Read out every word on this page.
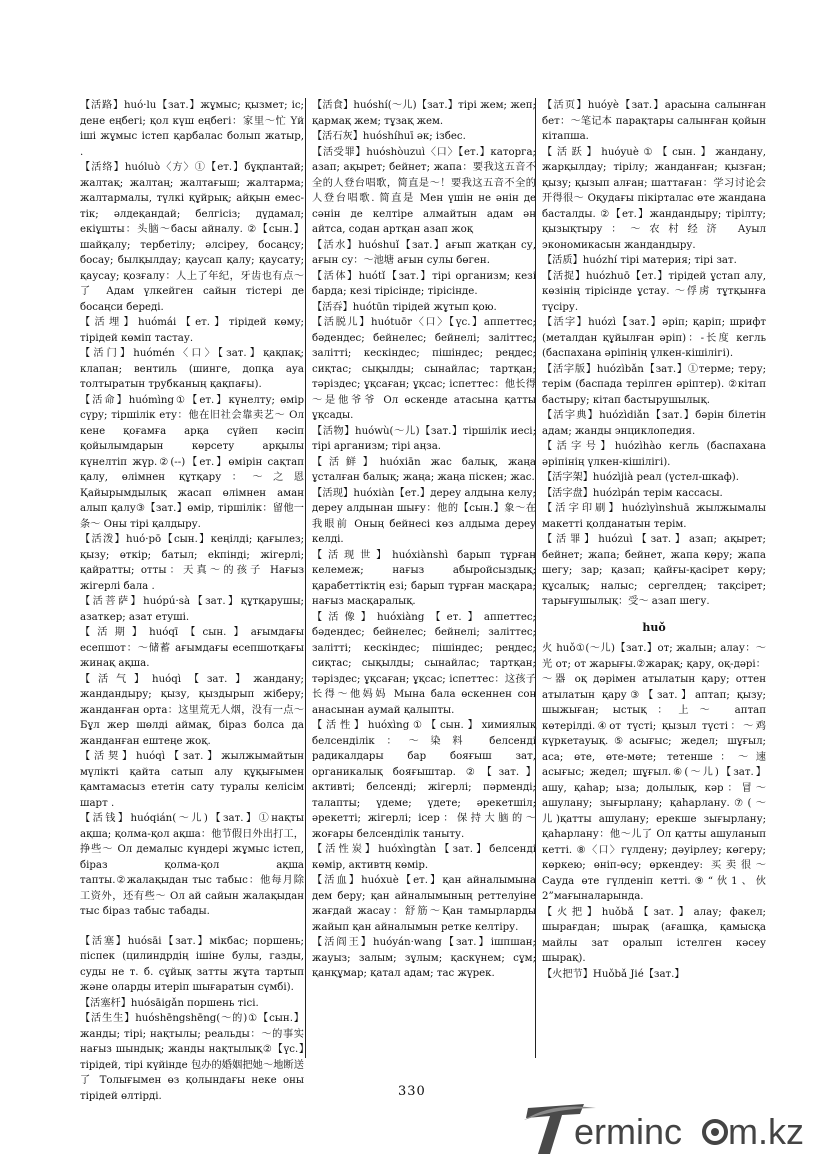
【活路】huó·lu【зат.】жұмыс; қызмет; іс; дене еңбегі; қол күш еңбегі：家里～忙 Үй ішi жұмыс iстеп қарбалас болып жатыр, .

【活络】huóluò〈方〉①【ет.】бұқпантай; жалтақ; жалтаң; жалтағыш; жалтарма; жалтармалы, түлкі құйрық; айқын еместік; әлдеқандай; белгісіз; дүдамал; екіұшты：头脑～басы айналу. ②【сын.】шайқалу; тербетілу; әлсіреу, босаңсу; босау; былқылдау; қаусап қалу; қаусату; қаусау; қозғалу：人上了年纪，牙齿也有点～了 Адам үлкейген сайын тістері де босаңси береді.

【活埋】huómái【ет.】тірідей көму; тірідей көміп тастау.

【活门】huómén〈口〉【зат.】қақпақ; клапан; вентиль (шинге, допқа ауа толтыратын трубканың қақпағы).

【活命】huómìng①【ет.】күнелту; өмір сүру; тіршілік ету：他在旧社会靠卖艺～ Ол кене қоғамға арқа сүйеп кәсіп қойылымдарын көрсету арқылы күнелтіп жүр.②(--)【ет.】өмірін сақтап қалу, өлімнен құтқару：～之恩 Қайырымдылық жасап өлімнен аман алып қалу③【зат.】өмір, тіршілік：留他一条～ Оны тірі қалдыру.

【活泼】huó·pō【сын.】кеңілді; қағылез; қызу; өткір; батыл; ekпінді; жігерлі; қайратты; отты：天真～的孩子 Нағыз жігерлі бала .

【活菩萨】huópú·sà【зат.】құтқарушы; азаткер; азат етуші.

【活期】huóqī【сын.】ағымдағы есепшот：～储蓄 ағымдағы есепшотқағы жинақ ақша.

【活气】huóqì【зат.】жандану; жандандыру; қызу, қыздырып жіберу; жанданған орта：这里荒无人烟，没有一点～ Бұл жер шөлді аймақ, біраз болса да жанданған ештеңе жоқ.

【活契】huóqì【зат.】жылжымайтын мүлікті қайта сатып алу құқығымен қамтамасыз ететін сату туралы келісім шарт .

【活钱】huóqián(～儿)【зат.】①нақты ақша; қолма-қол ақша：他节假日外出打工，挣些～ Ол демалыс күндері жұмыс істеп, біраз қолма-қол ақша тапты.②жалақыдан тыс табыс：他每月除工资外，还有些～ Ол ай сайын жалақыдан тыс біраз табыс табады.

【活塞】huósāi【зат.】мікбас; поршень; піспек (цилиндрдің ішіне булы, газды, суды не т. б. сұйық затты жұта тартып және оларды итеріп шығаратын сүмбі).

【活塞杆】huósāigǎn поршень тісі.

【活生生】huóshēngshēng(～的)①【сын.】жанды; тірі; нақтылы; реальды：～的事实 нағыз шындық; жанды нақтылық②【үс.】тірідей, тірі күйінде 包办的婚姻把她～地断送了 Толығымен өз қолындағы неке оны тірідей өлтірді.

【活食】huóshí(～儿)【зат.】тірі жем; жеп; қармақ жем; тұзақ жем.

【活石灰】huóshíhuī әк; ізбес.

【活受罪】huóshòuzuì〈口〉【ет.】каторга; азап; ақырет; бейнет; жапа：要我这五音不全的人登台唱歌，简直是～！要我这五音不全的人登台唱歌. 简直是 Мен үшін не әнін де сәнін де келтіре алмайтын адам ән айтса, содан артқан азап жоқ

【活水】huóshuǐ【зат.】ағып жатқан су, ағын су：～池塘 ағын сулы бөген.

【活体】huótǐ【зат.】тірі организм; кезі барда; кезі тірісінде; тірісінде.

【活吞】huótūn тірідей жұтып қою.

【活脱儿】huótuōr〈口〉【үс.】аппеттес; бәдендес; бейнелес; бейнелі; заліттес; залітті; кескіндес; пішіндес; реңдес; сиқтас; сықылды; сынайлас; тартқан; тәріздес; ұқсаған; ұқсас; іспеттес：他长得～是他爷爷 Ол өскенде атасына қатты ұқсады.

【活物】huówù(～儿)【зат.】тіршілік иесі; тірі арганизм; тірі аңза.

【活鲜】huóxiān жас балық, жаңа ұсталған балық; жаңа; жаңа піскен; жас.

【活现】huóxiàn【ет.】дереу алдына келу; дереу алдынан шығу：他的【сын.】象～在我眼前 Оның бейнесі көз алдыма дереу келді.

【活现世】huóxiànshì барып тұрған келемеж; нағыз абыройсыздық; қарабеттіктің езі; барып тұрған масқара; нағыз масқаралық.

【活像】huóxiàng【ет.】аппеттес; бәдендес; бейнелес; бейнелі; заліттес; залітті; кескіндес; пішіндес; реңдес; сиқтас; сықылды; сынайлас; тартқан; тәріздес; ұқсаған; ұқсас; іспеттес：这孩子长得～他妈妈 Мына бала өскеннен соң анасынан аумай қалыпты.

【活性】huóxìng①【сын.】химиялық белсенділік：～染料 белсенді радикалдары бар бояғыш зат, органикалық бояғыштар. ②【зат.】активті; белсенді; жігерлі; пәрменді; талапты; үдеме; үдете; әрекетшіл; әрекетті; жігерлі; ісер：保持大脑的～жоғары белсенділік таныту.

【活性炭】huóxìngtàn【зат.】белсенді көмір, активтң көмір.

【活血】huóxuè【ет.】қан айналымына дем беру; қан айналымының реттелуіне жағдай жасау：舒筋～Қан тамырларды жайып қан айналымын ретке келтіру.

【活阎王】huóyán·wang【зат.】ішпшан; жауыз; залым; зұлым; қаскүнем; сұм; қанқұмар; қатал адам; тас жүрек.

【活页】huóyè【зат.】арасына салынған бет：～笔记本 парақтары салынған қойын кітапша.

【活跃】huóyuè①【сын.】жандану, жарқылдау; тірілу; жанданған; қызған; қызу; қызып алған; шаттаған：学习讨论会开得很～ Оқудағы пікірталас өте жандана басталды. ②【ет.】жандандыру; тірілту; қызықтыру：～农村经济 Ауыл экономикасын жандандыру.

【活质】huózhí тірі материя; тірі зат.

【活捉】huózhuō【ет.】тірідей ұстап алу, көзінің тірісінде ұстау. ～俘虏 тұтқынға түсіру.

【活字】huózì【зат.】әріп; қаріп; шрифт (металдан құйылған әріп)：-长度 кегль (баспахана әріпінің үлкен-кішілігі).

【活字版】huózìbǎn【зат.】①терме; теру; терім (баспада терілген әріптер). ②кітап бастыру; кітап бастырушылық.

【活字典】huózìdiǎn【зат.】бәрін білетін адам; жанды энциклопедия.

【活字号】huózìhào кегль (баспахана әріпінің үлкен-кішілігі).

【活字架】huózìjià реал (үстел-шкаф).

【活字盘】huózìpán терім кассасы.

【活字印刷】huózìyìnshuā жылжымалы макетті қолданатын терім.

【活罪】huózuì【зат.】азап; ақырет; бейнет; жапа; бейнет, жапа көру; жапа шегу; зар; қазап; қайғы-қасірет көру; құсалық; налыс; сергелдең; тақсірет; тарығушылық：受～ азап шегу.

huǒ

火 huǒ①(～儿)【зат.】от; жалын; алау：～光 от; от жарығы.②жарақ; қару, оқ-дәрі：～器 оқ дәрімен атылатын қару; оттен атылатын қару③【зат.】аптап; қызу; шыжыған; ыстық：上～ аптап көтерілді.④от түсті; қызыл түсті：～鸡 күркетауық.⑤асығыс; жедел; шұғыл; аса; өте, өте-мөте; тетенше：～速 асығыс; жедел; шұғыл.⑥(～儿)【зат.】ашу, қаһар; ыза; долылық, кәр：冒～ ашулану; зығырлану; қаһарлану.⑦(～儿)қатты ашулану; ерекше зығырлану; қаһарлану：他～儿了 Ол қатты ашуланып кетті. ⑧〈口〉гүлдену; дәуірлеу; көгеру; көркею; өніп-өсу; өркендеу: 买卖很～ Сауда өте гүлденіп кетті.⑨“伙1、伙2”мағыналарында.

【火把】huǒbǎ【зат.】алау; факел; шырағдан; шырақ (ағашқа, қамысқа майлы зат оралып істелген кәсеу шырақ).

【火把节】Huǒbǎ Jié【зат.】

330
erminc m.kz
